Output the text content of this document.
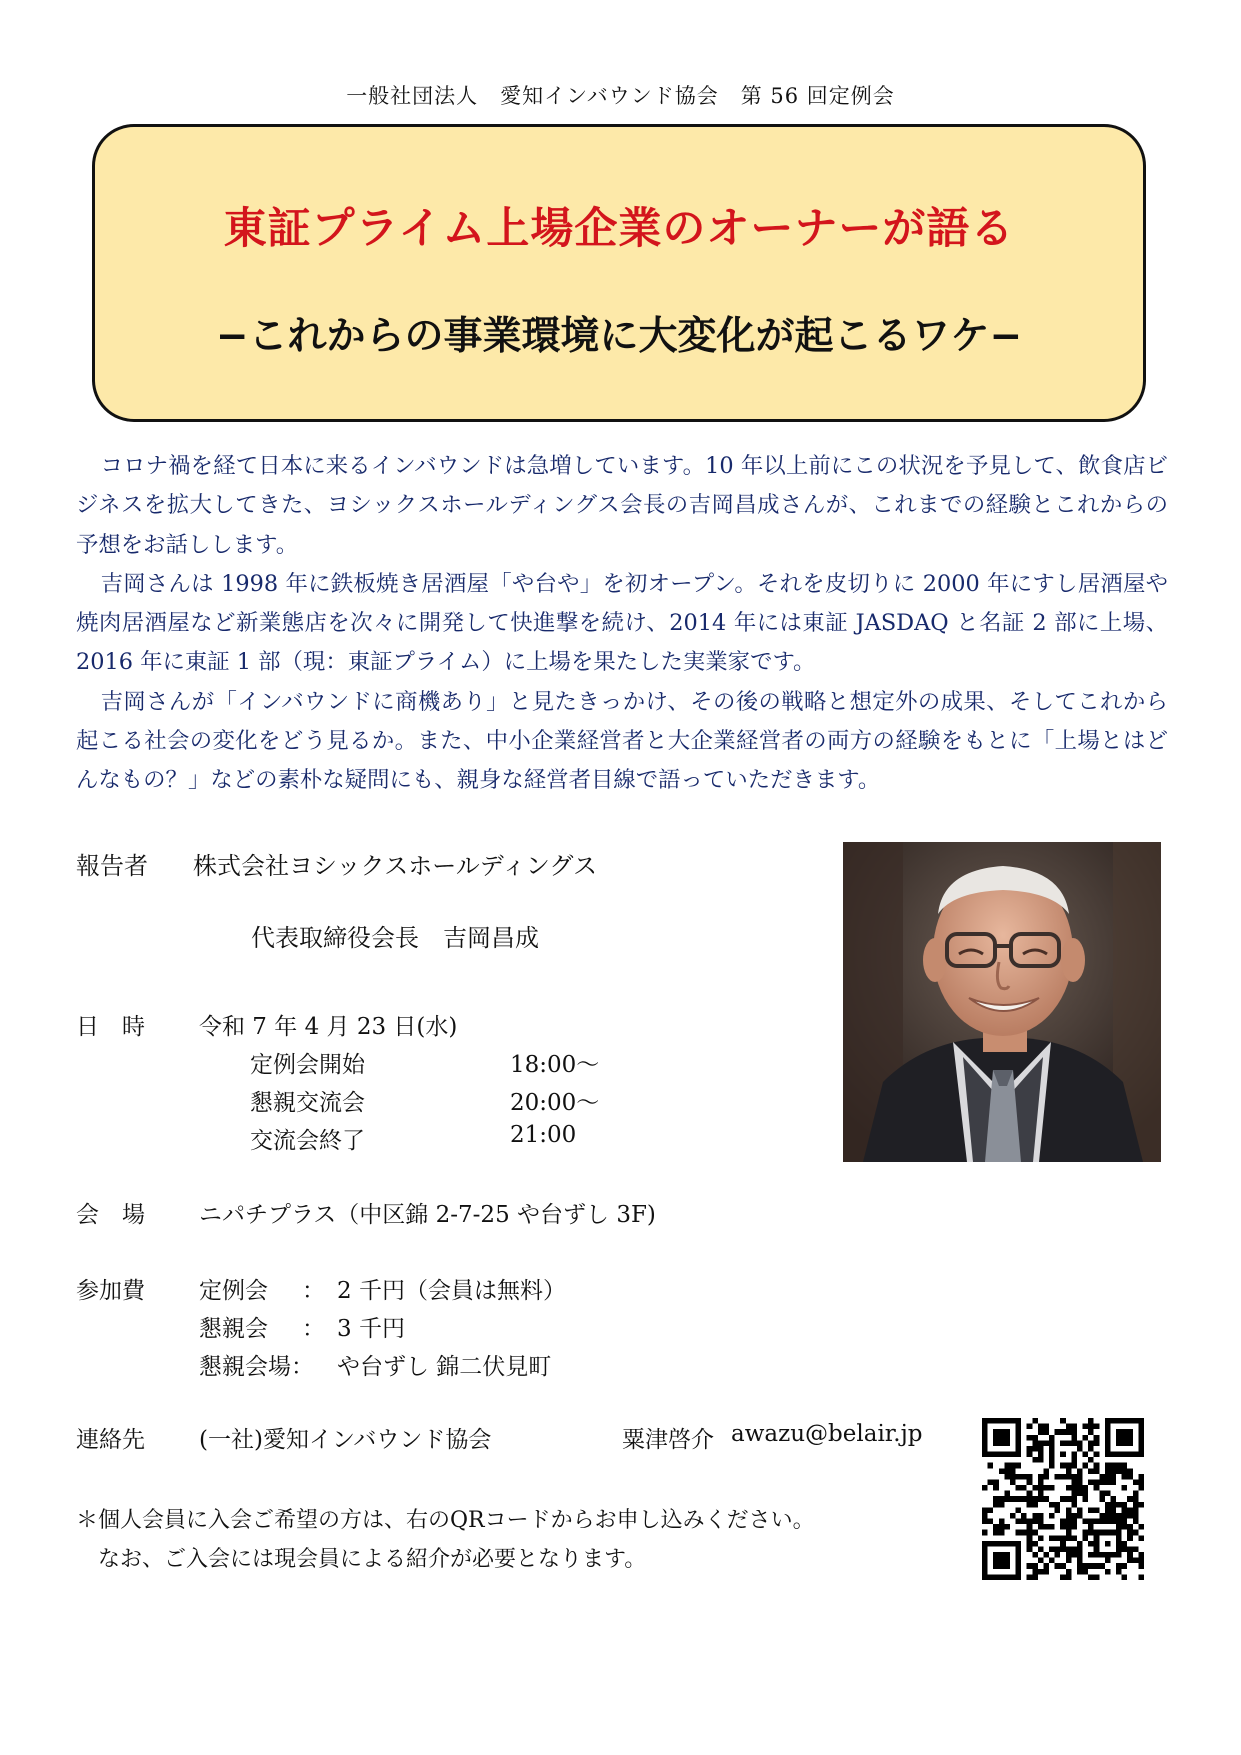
一般社団法人　愛知インバウンド協会　第 56 回定例会
東証プライム上場企業のオーナーが語る
−これからの事業環境に大変化が起こるワケ−

コロナ禍を経て日本に来るインバウンドは急増しています。10 年以上前にこの状況を予見して、飲食店ビジネスを拡大してきた、ヨシックスホールディングス会長の吉岡昌成さんが、これまでの経験とこれからの予想をお話しします。

吉岡さんは 1998 年に鉄板焼き居酒屋「や台や」を初オープン。それを皮切りに 2000 年にすし居酒屋や焼肉居酒屋など新業態店を次々に開発して快進撃を続け、2014 年には東証 JASDAQ と名証 2 部に上場、2016 年に東証 1 部（現：東証プライム）に上場を果たした実業家です。

吉岡さんが「インバウンドに商機あり」と見たきっかけ、その後の戦略と想定外の成果、そしてこれから起こる社会の変化をどう見るか。また、中小企業経営者と大企業経営者の両方の経験をもとに「上場とはどんなもの？」などの素朴な疑問にも、親身な経営者目線で語っていただきます。

報告者 株式会社ヨシックスホールディングス
代表取締役会長　吉岡昌成
日　時 令和 7 年 4 月 23 日(水)
定例会開始	18:00〜
懇親交流会	20:00〜
交流会終了	21:00
会　場 ニパチプラス（中区錦 2-7-25 や台ずし 3F)
参加費 定例会 ： 2 千円（会員は無料）
懇親会 ： 3 千円
懇親会場： や台ずし 錦二伏見町
連絡先 (一社)愛知インバウンド協会	粟津啓介 awazu@belair.jp
＊個人会員に入会ご希望の方は、右のQRコードからお申し込みください。
　なお、ご入会には現会員による紹介が必要となります。
